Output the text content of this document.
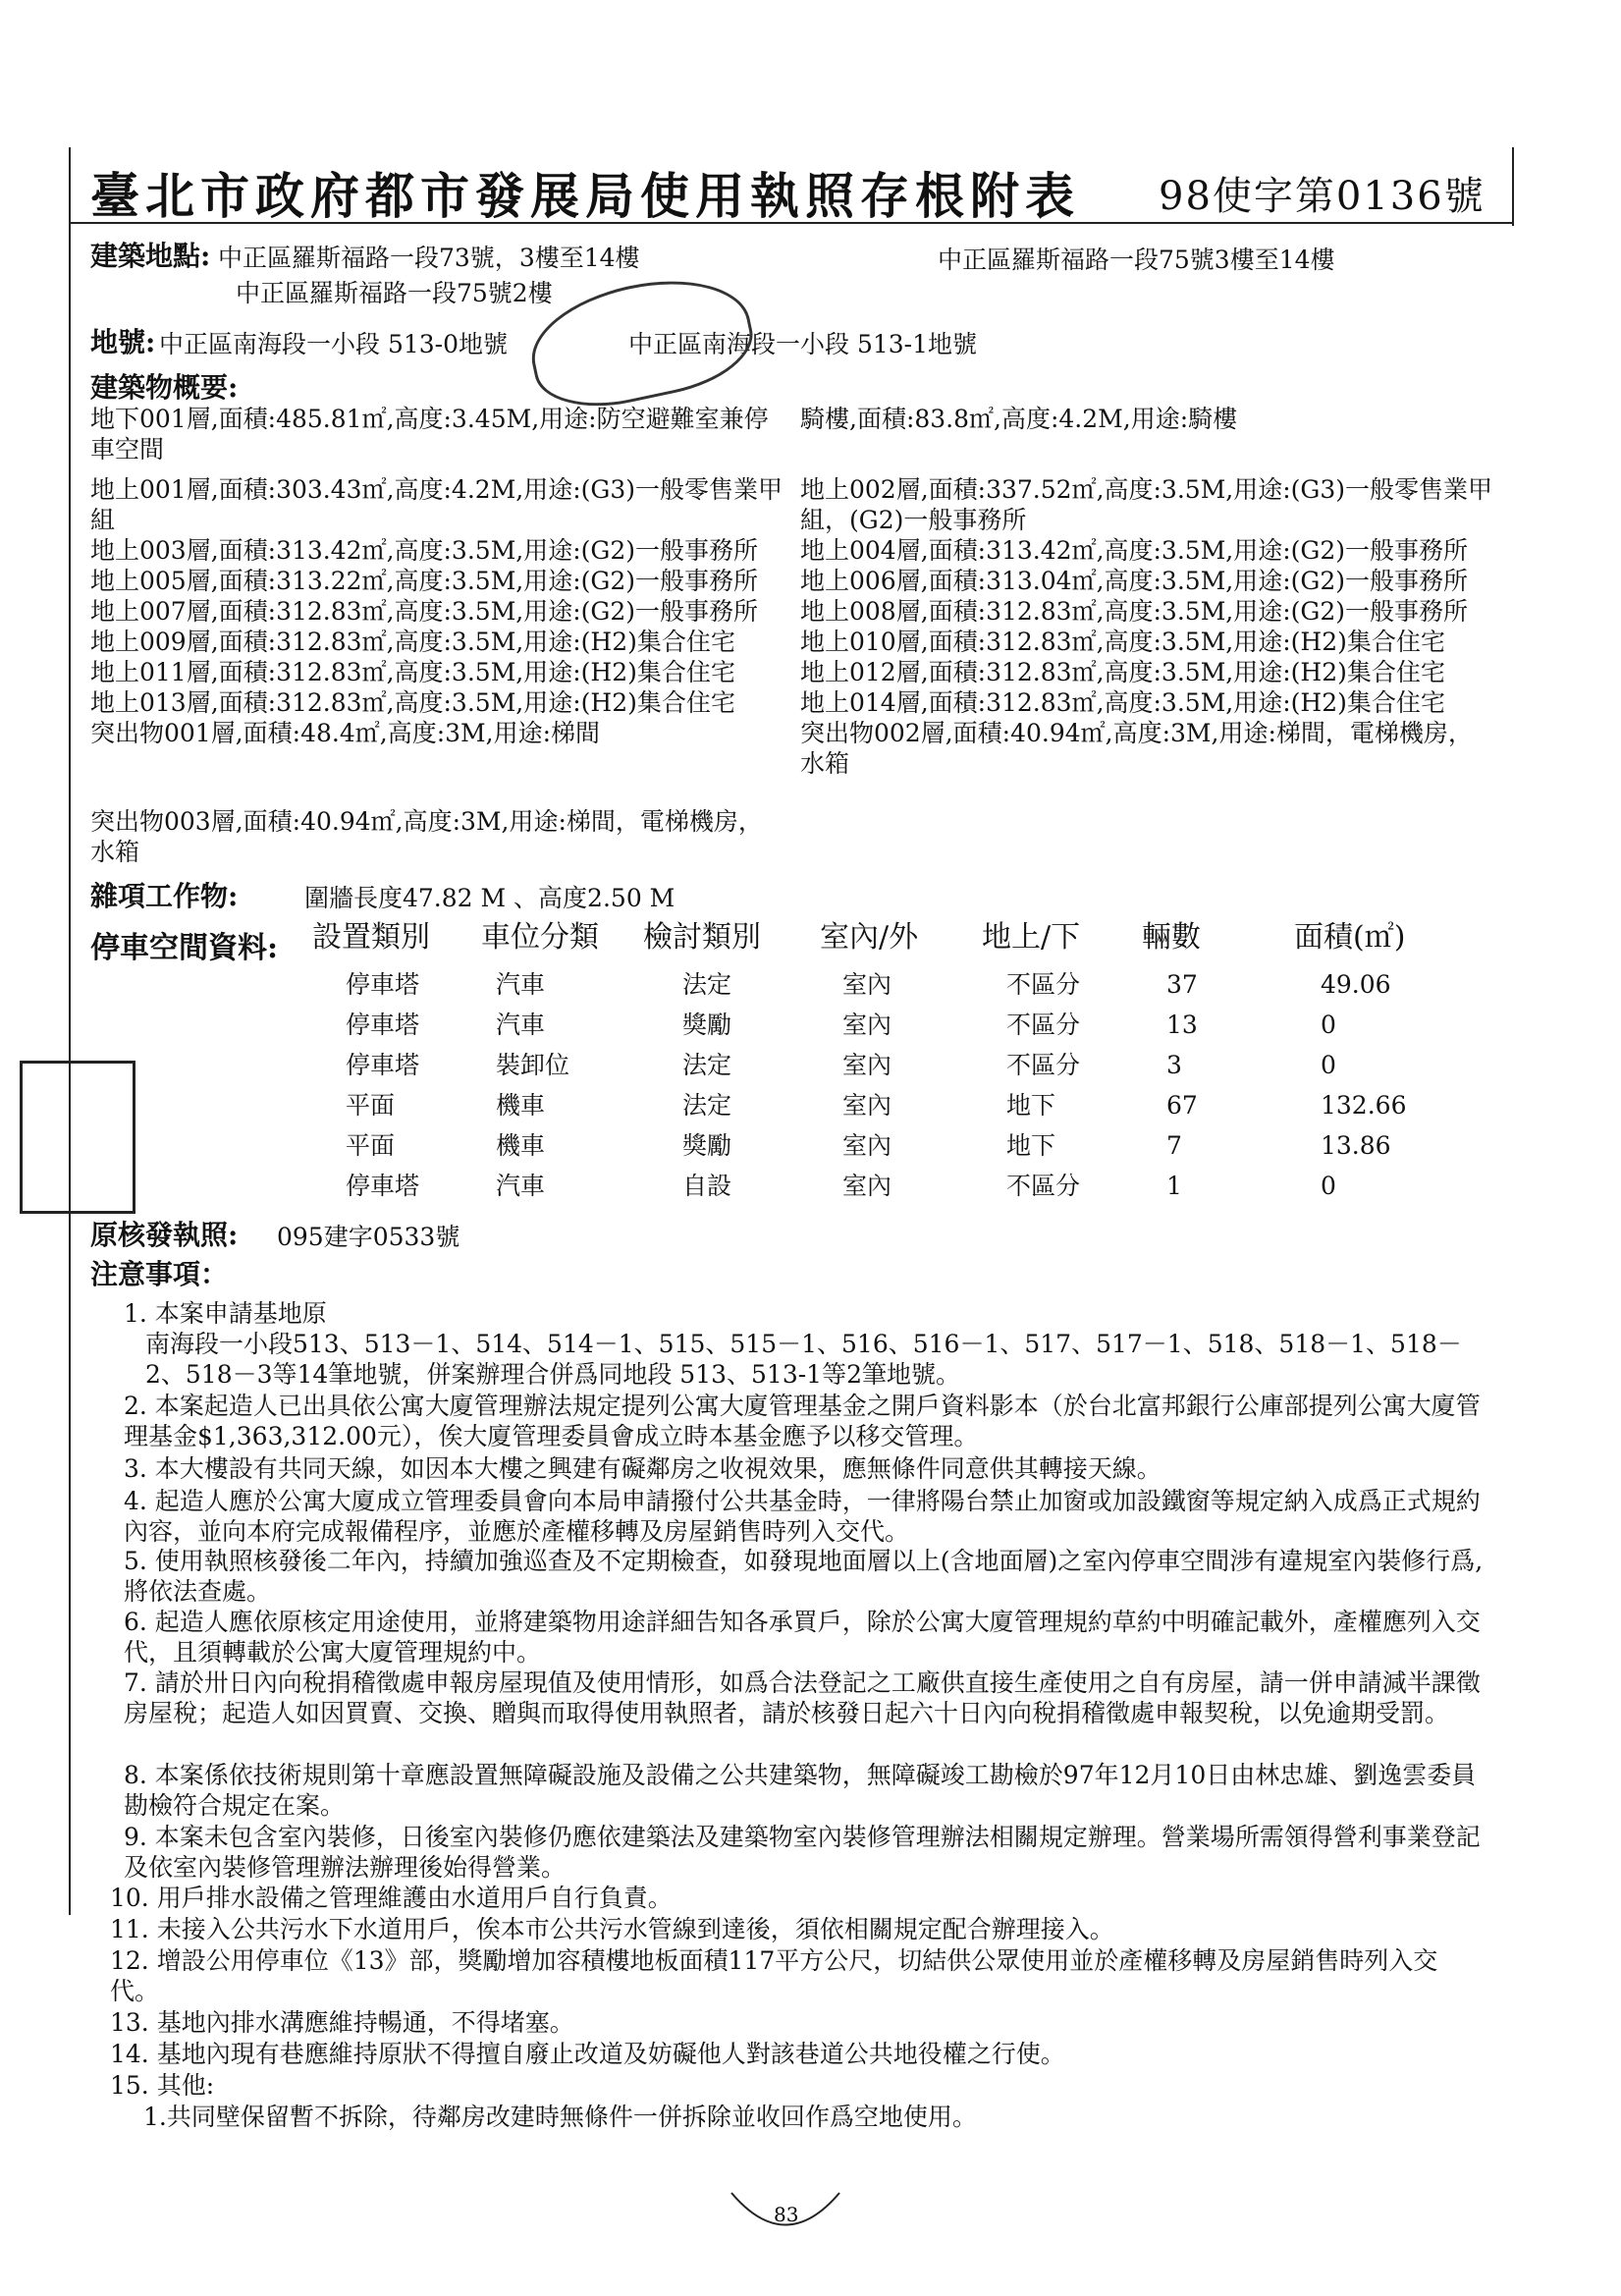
臺北市政府都市發展局使用執照存根附表 98使字第0136號
建築地點: 中正區羅斯福路一段73號，3樓至14樓	中正區羅斯福路一段75號3樓至14樓
中正區羅斯福路一段75號2樓
地號: 中正區南海段一小段 513-0地號	中正區南海段一小段 513-1地號
建築物概要:
地下001層,面積:485.81㎡,高度:3.45M,用途:防空避難室兼停
車空間
地上001層,面積:303.43㎡,高度:4.2M,用途:(G3)一般零售業甲
組
地上003層,面積:313.42㎡,高度:3.5M,用途:(G2)一般事務所
地上005層,面積:313.22㎡,高度:3.5M,用途:(G2)一般事務所
地上007層,面積:312.83㎡,高度:3.5M,用途:(G2)一般事務所
地上009層,面積:312.83㎡,高度:3.5M,用途:(H2)集合住宅
地上011層,面積:312.83㎡,高度:3.5M,用途:(H2)集合住宅
地上013層,面積:312.83㎡,高度:3.5M,用途:(H2)集合住宅
突出物001層,面積:48.4㎡,高度:3M,用途:梯間
騎樓,面積:83.8㎡,高度:4.2M,用途:騎樓
地上002層,面積:337.52㎡,高度:3.5M,用途:(G3)一般零售業甲
組，(G2)一般事務所
地上004層,面積:313.42㎡,高度:3.5M,用途:(G2)一般事務所
地上006層,面積:313.04㎡,高度:3.5M,用途:(G2)一般事務所
地上008層,面積:312.83㎡,高度:3.5M,用途:(G2)一般事務所
地上010層,面積:312.83㎡,高度:3.5M,用途:(H2)集合住宅
地上012層,面積:312.83㎡,高度:3.5M,用途:(H2)集合住宅
地上014層,面積:312.83㎡,高度:3.5M,用途:(H2)集合住宅
突出物002層,面積:40.94㎡,高度:3M,用途:梯間，電梯機房，
水箱
突出物003層,面積:40.94㎡,高度:3M,用途:梯間，電梯機房，
水箱
雜項工作物:	圍牆長度47.82 M 、高度2.50 M
停車空間資料: 設置類別 車位分類 檢討類別 室內/外 地上/下 輛數	面積(㎡)
停車塔	汽車	法定	室內	不區分	37	49.06
停車塔	汽車	獎勵	室內	不區分	13	0
停車塔	裝卸位	法定	室內	不區分	3	0
平面	機車	法定	室內	地下	67	132.66
平面	機車	獎勵	室內	地下	7	13.86
停車塔	汽車	自設	室內	不區分	1	0
原核發執照: 095建字0533號
注意事項：
1. 本案申請基地原
南海段一小段513、513－1、514、514－1、515、515－1、516、516－1、517、517－1、518、518－1、518－2、518－3等14筆地號，併案辦理合併爲同地段 513、513-1等2筆地號。
2. 本案起造人已出具依公寓大廈管理辦法規定提列公寓大廈管理基金之開戶資料影本（於台北富邦銀行公庫部提列公寓大廈管理基金$1,363,312.00元），俟大廈管理委員會成立時本基金應予以移交管理。
3. 本大樓設有共同天線，如因本大樓之興建有礙鄰房之收視效果，應無條件同意供其轉接天線。
4. 起造人應於公寓大廈成立管理委員會向本局申請撥付公共基金時，一律將陽台禁止加窗或加設鐵窗等規定納入成爲正式規約內容，並向本府完成報備程序，並應於產權移轉及房屋銷售時列入交代。
5. 使用執照核發後二年內，持續加強巡查及不定期檢查，如發現地面層以上(含地面層)之室內停車空間涉有違規室內裝修行爲,將依法查處。
6. 起造人應依原核定用途使用，並將建築物用途詳細告知各承買戶，除於公寓大廈管理規約草約中明確記載外，產權應列入交代，且須轉載於公寓大廈管理規約中。
7. 請於卅日內向稅捐稽徵處申報房屋現值及使用情形，如爲合法登記之工廠供直接生產使用之自有房屋，請一併申請減半課徵房屋稅；起造人如因買賣、交換、贈與而取得使用執照者，請於核發日起六十日內向稅捐稽徵處申報契稅，以免逾期受罰。
8. 本案係依技術規則第十章應設置無障礙設施及設備之公共建築物，無障礙竣工勘檢於97年12月10日由林忠雄、劉逸雲委員勘檢符合規定在案。
9. 本案未包含室內裝修，日後室內裝修仍應依建築法及建築物室內裝修管理辦法相關規定辦理。營業場所需領得營利事業登記及依室內裝修管理辦法辦理後始得營業。
10. 用戶排水設備之管理維護由水道用戶自行負責。
11. 未接入公共污水下水道用戶，俟本市公共污水管線到達後，須依相關規定配合辦理接入。
12. 增設公用停車位《13》部，獎勵增加容積樓地板面積117平方公尺，切結供公眾使用並於產權移轉及房屋銷售時列入交代。
13. 基地內排水溝應維持暢通，不得堵塞。
14. 基地內現有巷應維持原狀不得擅自廢止改道及妨礙他人對該巷道公共地役權之行使。
15. 其他:
1.共同壁保留暫不拆除，待鄰房改建時無條件一併拆除並收回作爲空地使用。
83
